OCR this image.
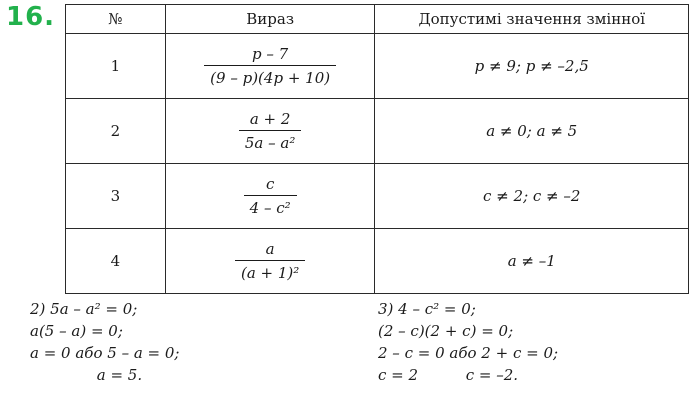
16.	№	Вираз	Допустимі значення змінної
1	$\frac{p - 7}{(9 - p)(4p + 10)}$	p ≠ 9; p ≠ –2,5
2	$\frac{a + 2}{\text{5a – a²}}$	a ≠ 0; a ≠ 5
3	$\frac{c}{\text{4 – c²}}$	c ≠ 2; c ≠ –2
4	$\frac{a}{\text{(a + 1)²}}$	a ≠ –1
2) 5a – a² = 0;
a(5 – a) = 0;
a = 0 або 5 – a = 0;
a = 5.
3) 4 – c² = 0;
(2 – c)(2 + c) = 0;
2 – c = 0 або 2 + c = 0;
c = 2          c = –2.
